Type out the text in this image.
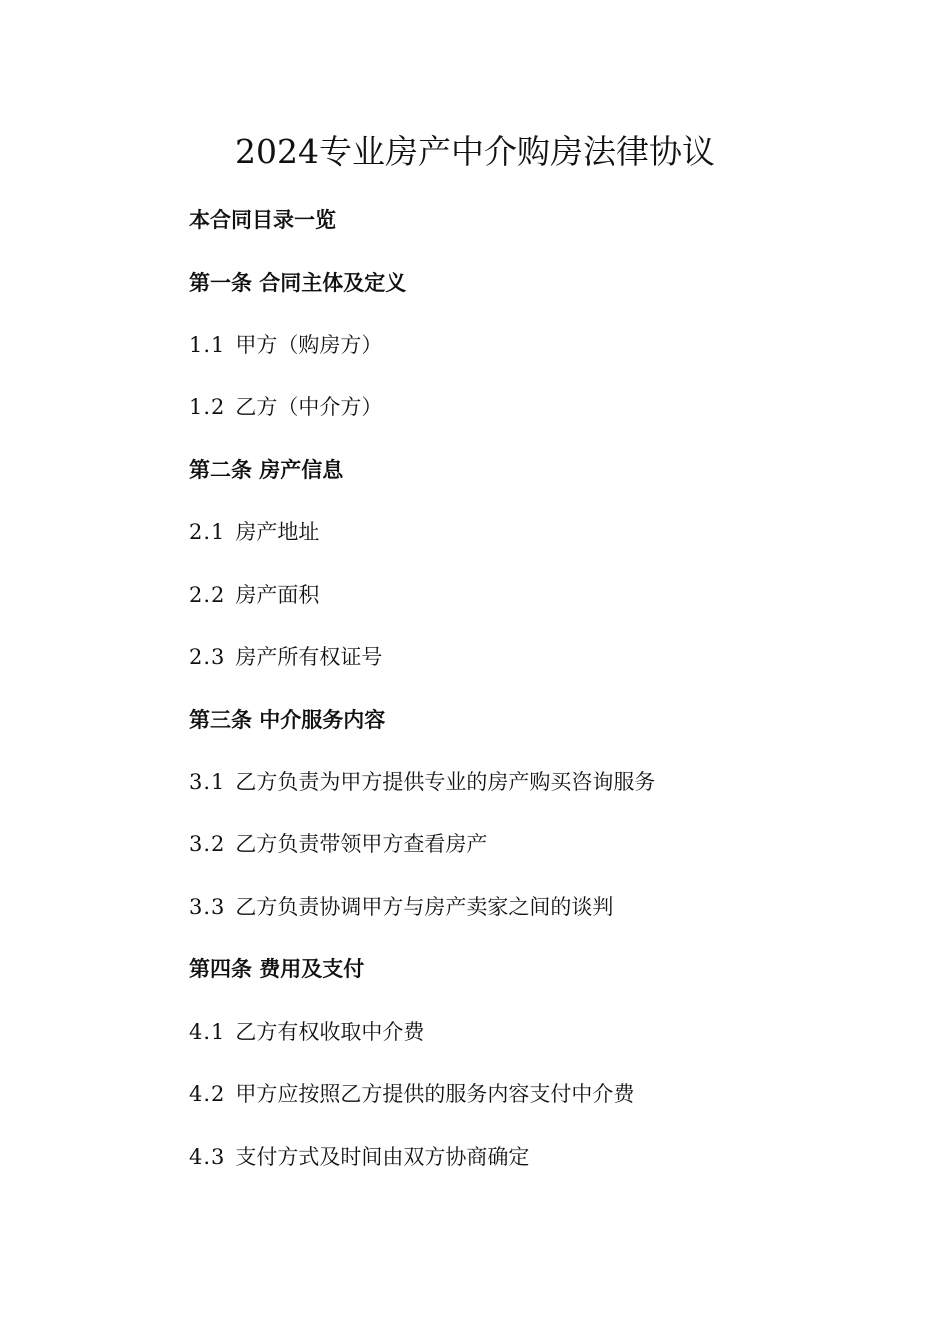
2024专业房产中介购房法律协议
本合同目录一览
第一条 合同主体及定义
1.1 甲方（购房方）
1.2 乙方（中介方）
第二条 房产信息
2.1 房产地址
2.2 房产面积
2.3 房产所有权证号
第三条 中介服务内容
3.1 乙方负责为甲方提供专业的房产购买咨询服务
3.2 乙方负责带领甲方查看房产
3.3 乙方负责协调甲方与房产卖家之间的谈判
第四条 费用及支付
4.1 乙方有权收取中介费
4.2 甲方应按照乙方提供的服务内容支付中介费
4.3 支付方式及时间由双方协商确定
